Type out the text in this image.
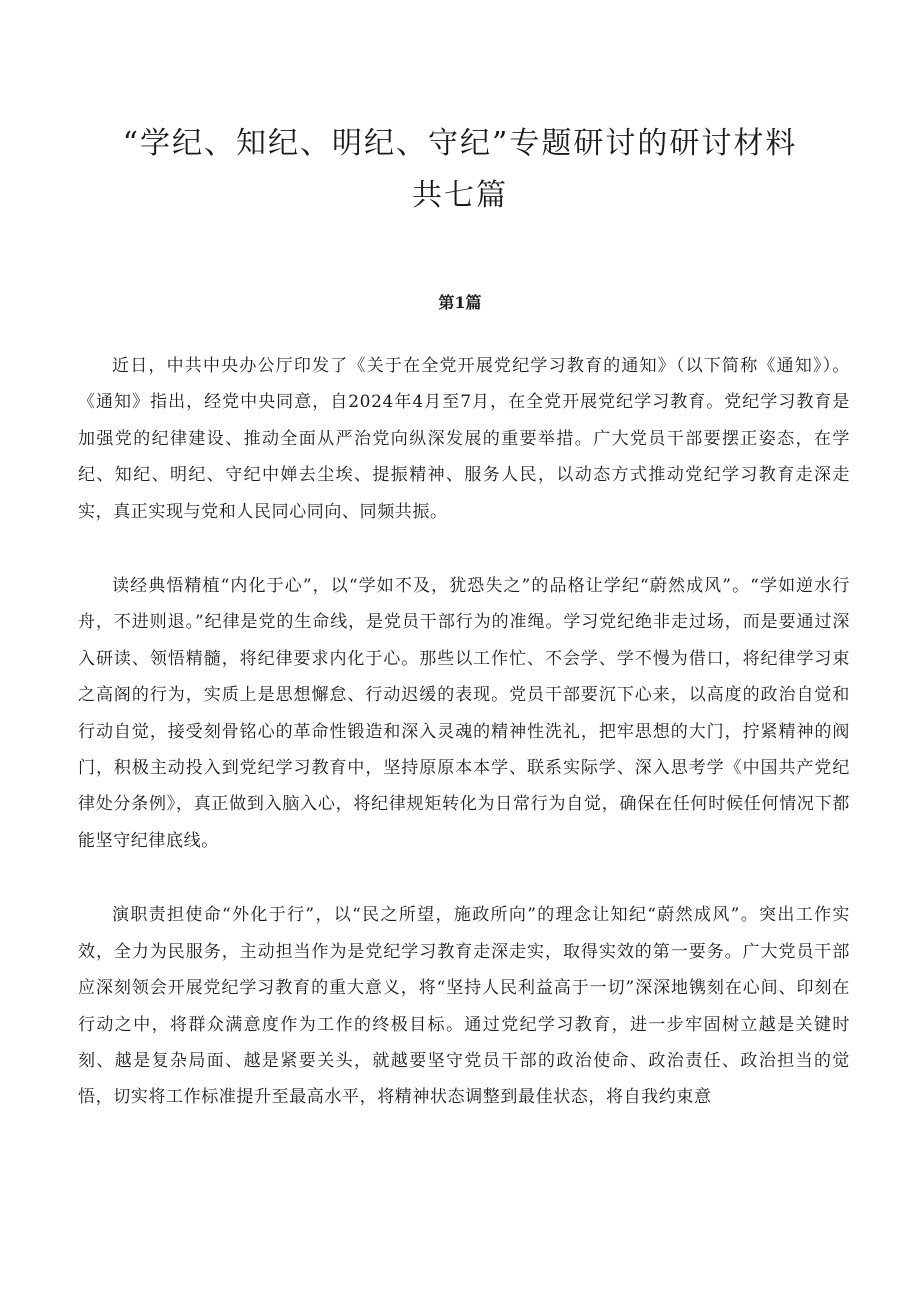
“学纪、知纪、明纪、守纪”专题研讨的研讨材料
共七篇
第1篇

近日，中共中央办公厅印发了《关于在全党开展党纪学习教育的通知》（以下简称《通知》）。《通知》指出，经党中央同意，自2024年4月至7月，在全党开展党纪学习教育。党纪学习教育是加强党的纪律建设、推动全面从严治党向纵深发展的重要举措。广大党员干部要摆正姿态，在学纪、知纪、明纪、守纪中婵去尘埃、提振精神、服务人民，以动态方式推动党纪学习教育走深走实，真正实现与党和人民同心同向、同频共振。

读经典悟精植“内化于心”，以“学如不及，犹恐失之”的品格让学纪“蔚然成风”。“学如逆水行舟，不进则退。”纪律是党的生命线，是党员干部行为的准绳。学习党纪绝非走过场，而是要通过深入研读、领悟精髓，将纪律要求内化于心。那些以工作忙、不会学、学不慢为借口，将纪律学习束之高阁的行为，实质上是思想懈怠、行动迟缓的表现。党员干部要沉下心来，以高度的政治自觉和行动自觉，接受刻骨铭心的革命性锻造和深入灵魂的精神性洗礼，把牢思想的大门，拧紧精神的阀门，积极主动投入到党纪学习教育中，坚持原原本本学、联系实际学、深入思考学《中国共产党纪律处分条例》，真正做到入脑入心，将纪律规矩转化为日常行为自觉，确保在任何时候任何情况下都能坚守纪律底线。

演职责担使命“外化于行”，以“民之所望，施政所向”的理念让知纪“蔚然成风”。突出工作实效，全力为民服务，主动担当作为是党纪学习教育走深走实，取得实效的第一要务。广大党员干部应深刻领会开展党纪学习教育的重大意义，将“坚持人民利益高于一切”深深地镌刻在心间、印刻在行动之中，将群众满意度作为工作的终极目标。通过党纪学习教育，进一步牢固树立越是关键时刻、越是复杂局面、越是紧要关头，就越要坚守党员干部的政治使命、政治责任、政治担当的觉悟，切实将工作标准提升至最高水平，将精神状态调整到最佳状态，将自我约束意
